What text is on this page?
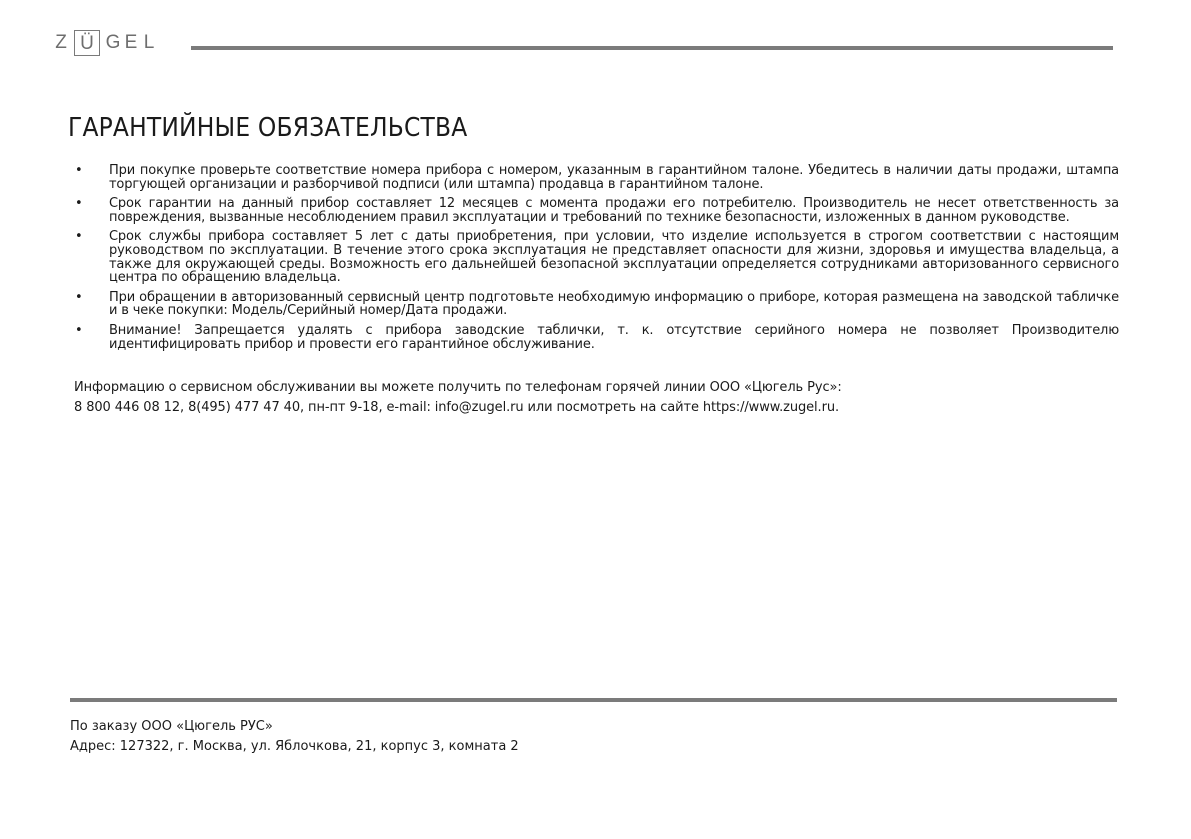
Z Ü G E L
ГАРАНТИЙНЫЕ ОБЯЗАТЕЛЬСТВА
• При покупке проверьте соответствие номера прибора с номером, указанным в гарантийном талоне. Убедитесь в наличии даты продажи, штампа торгующей организации и разборчивой подписи (или штампа) продавца в гарантийном талоне.
• Срок гарантии на данный прибор составляет 12 месяцев с момента продажи его потребителю. Производитель не несет ответственность за повреждения, вызванные несоблюдением правил эксплуатации и требований по технике безопасности, изложенных в данном руководстве.
• Срок службы прибора составляет 5 лет с даты приобретения, при условии, что изделие используется в строгом соответствии с настоящим руководством по эксплуатации. В течение этого срока эксплуатация не представляет опасности для жизни, здоровья и имущества владельца, а также для окружающей среды. Возможность его дальнейшей безопасной эксплуатации определяется сотрудниками авторизованного сервисного центра по обращению владельца.
• При обращении в авторизованный сервисный центр подготовьте необходимую информацию о приборе, которая размещена на заводской табличке и в чеке покупки: Модель/Серийный номер/Дата продажи.
• Внимание! Запрещается удалять с прибора заводские таблички, т. к. отсутствие серийного номера не позволяет Производителю идентифицировать прибор и провести его гарантийное обслуживание.

Информацию о сервисном обслуживании вы можете получить по телефонам горячей линии ООО «Цюгель Рус»:

8 800 446 08 12, 8(495) 477 47 40, пн-пт 9-18, e-mail: info@zugel.ru или посмотреть на сайте https://www.zugel.ru.

По заказу ООО «Цюгель РУС»

Адрес: 127322, г. Москва, ул. Яблочкова, 21, корпус 3, комната 2
